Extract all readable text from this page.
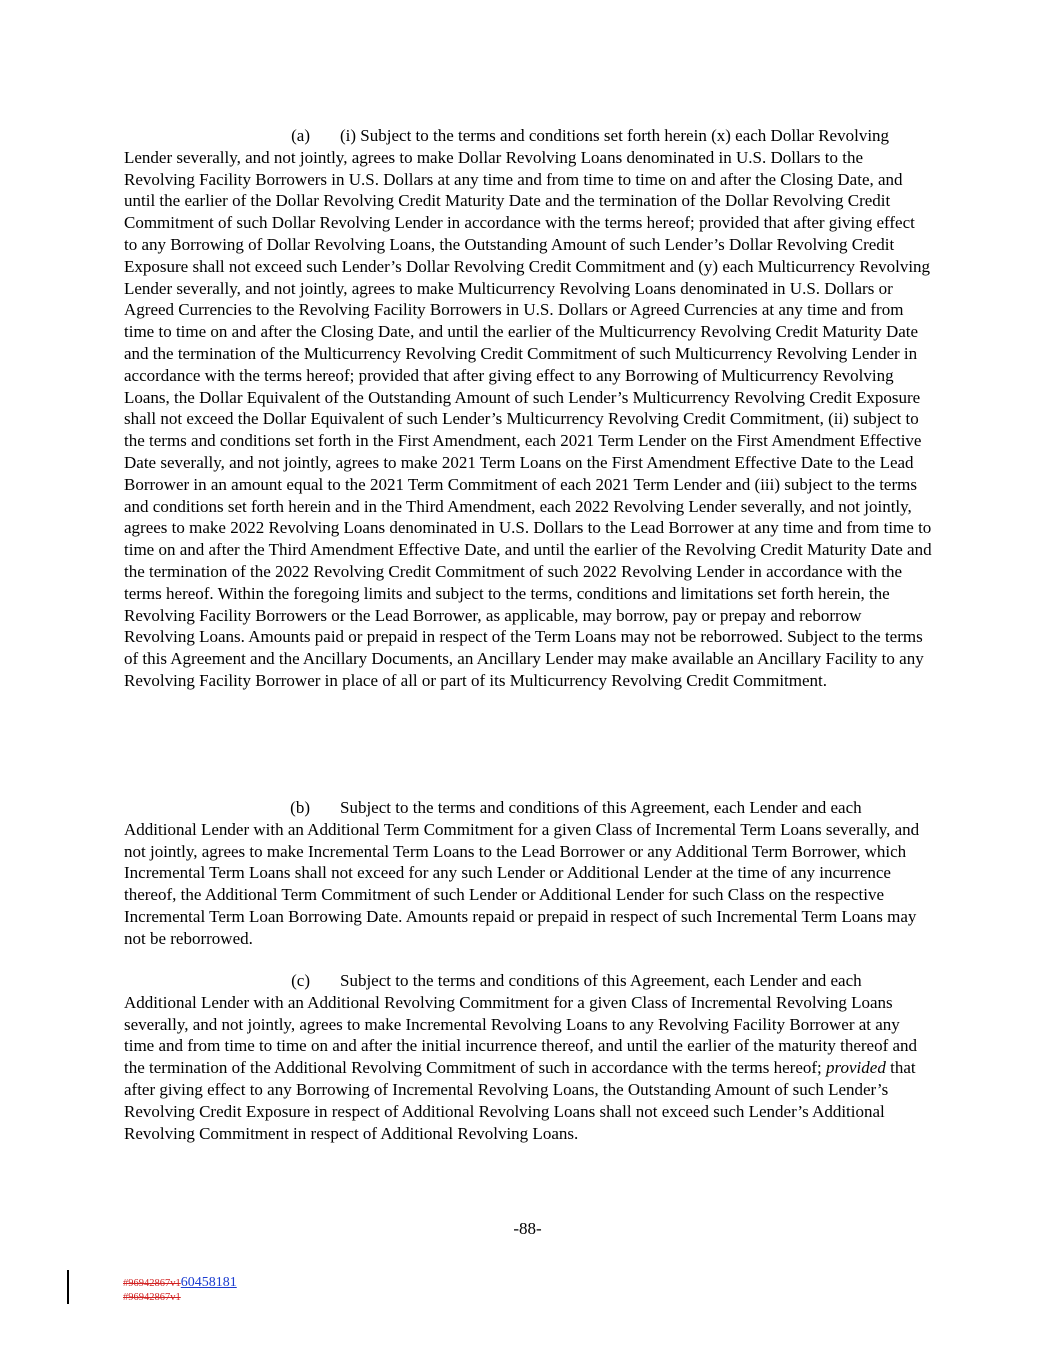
(a) (i) Subject to the terms and conditions set forth herein (x) each Dollar Revolving Lender severally, and not jointly, agrees to make Dollar Revolving Loans denominated in U.S. Dollars to the Revolving Facility Borrowers in U.S. Dollars at any time and from time to time on and after the Closing Date, and until the earlier of the Dollar Revolving Credit Maturity Date and the termination of the Dollar Revolving Credit Commitment of such Dollar Revolving Lender in accordance with the terms hereof; provided that after giving effect to any Borrowing of Dollar Revolving Loans, the Outstanding Amount of such Lender’s Dollar Revolving Credit Exposure shall not exceed such Lender’s Dollar Revolving Credit Commitment and (y) each Multicurrency Revolving Lender severally, and not jointly, agrees to make Multicurrency Revolving Loans denominated in U.S. Dollars or Agreed Currencies to the Revolving Facility Borrowers in U.S. Dollars or Agreed Currencies at any time and from time to time on and after the Closing Date, and until the earlier of the Multicurrency Revolving Credit Maturity Date and the termination of the Multicurrency Revolving Credit Commitment of such Multicurrency Revolving Lender in accordance with the terms hereof; provided that after giving effect to any Borrowing of Multicurrency Revolving Loans, the Dollar Equivalent of the Outstanding Amount of such Lender’s Multicurrency Revolving Credit Exposure shall not exceed the Dollar Equivalent of such Lender’s Multicurrency Revolving Credit Commitment, (ii) subject to the terms and conditions set forth in the First Amendment, each 2021 Term Lender on the First Amendment Effective Date severally, and not jointly, agrees to make 2021 Term Loans on the First Amendment Effective Date to the Lead Borrower in an amount equal to the 2021 Term Commitment of each 2021 Term Lender and (iii) subject to the terms and conditions set forth herein and in the Third Amendment, each 2022 Revolving Lender severally, and not jointly, agrees to make 2022 Revolving Loans denominated in U.S. Dollars to the Lead Borrower at any time and from time to time on and after the Third Amendment Effective Date, and until the earlier of the Revolving Credit Maturity Date and the termination of the 2022 Revolving Credit Commitment of such 2022 Revolving Lender in accordance with the terms hereof. Within the foregoing limits and subject to the terms, conditions and limitations set forth herein, the Revolving Facility Borrowers or the Lead Borrower, as applicable, may borrow, pay or prepay and reborrow Revolving Loans. Amounts paid or prepaid in respect of the Term Loans may not be reborrowed. Subject to the terms of this Agreement and the Ancillary Documents, an Ancillary Lender may make available an Ancillary Facility to any Revolving Facility Borrower in place of all or part of its Multicurrency Revolving Credit Commitment.

(b) Subject to the terms and conditions of this Agreement, each Lender and each Additional Lender with an Additional Term Commitment for a given Class of Incremental Term Loans severally, and not jointly, agrees to make Incremental Term Loans to the Lead Borrower or any Additional Term Borrower, which Incremental Term Loans shall not exceed for any such Lender or Additional Lender at the time of any incurrence thereof, the Additional Term Commitment of such Lender or Additional Lender for such Class on the respective Incremental Term Loan Borrowing Date. Amounts repaid or prepaid in respect of such Incremental Term Loans may not be reborrowed.

(c) Subject to the terms and conditions of this Agreement, each Lender and each Additional Lender with an Additional Revolving Commitment for a given Class of Incremental Revolving Loans severally, and not jointly, agrees to make Incremental Revolving Loans to any Revolving Facility Borrower at any time and from time to time on and after the initial incurrence thereof, and until the earlier of the maturity thereof and the termination of the Additional Revolving Commitment of such in accordance with the terms hereof; provided that after giving effect to any Borrowing of Incremental Revolving Loans, the Outstanding Amount of such Lender’s Revolving Credit Exposure in respect of Additional Revolving Loans shall not exceed such Lender’s Additional Revolving Commitment in respect of Additional Revolving Loans.

-88-
#96942867v160458181
#96942867v1
